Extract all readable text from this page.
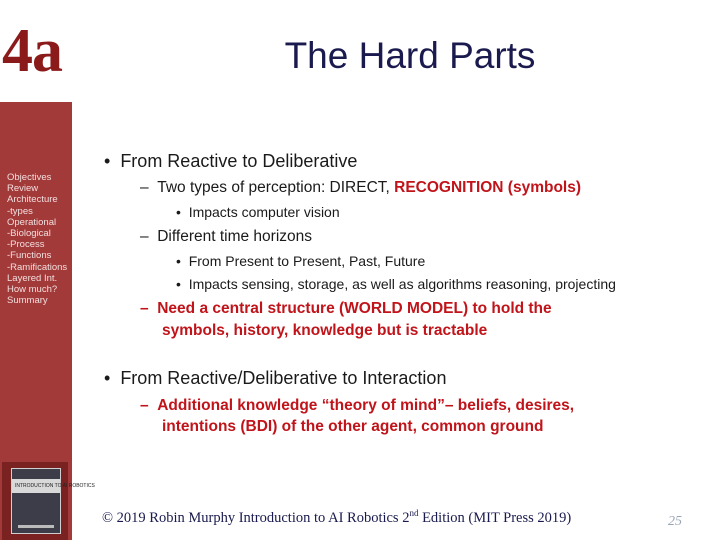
4a	The Hard Parts
Objectives
Review
Architecture
-types
Operational
-Biological
-Process
-Functions
-Ramifications
Layered Int.
How much?
Summary
INTRODUCTION TO AI ROBOTICS
•  From Reactive to Deliberative
–  Two types of perception: DIRECT, RECOGNITION (symbols)
•  Impacts computer vision
–  Different time horizons
•  From Present to Present, Past, Future
•  Impacts sensing, storage, as well as algorithms reasoning, projecting
–  Need a central structure (WORLD MODEL) to hold the
symbols, history, knowledge but is tractable
•  From Reactive/Deliberative to Interaction
–  Additional knowledge “theory of mind”– beliefs, desires,
intentions (BDI) of the other agent, common ground
© 2019 Robin Murphy Introduction to AI Robotics 2nd Edition (MIT Press 2019)	25
